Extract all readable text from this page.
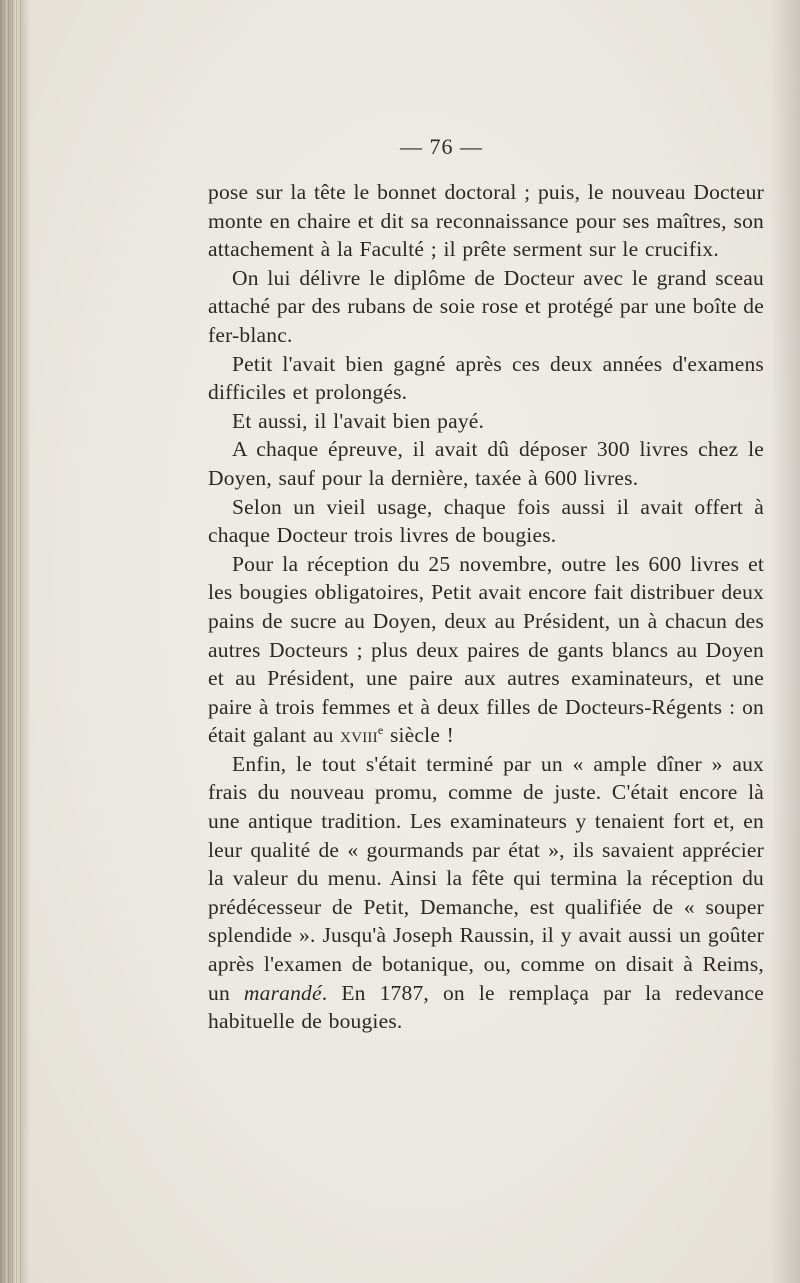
— 76 —

pose sur la tête le bonnet doctoral ; puis, le nouveau Docteur monte en chaire et dit sa reconnaissance pour ses maîtres, son attachement à la Faculté ; il prête serment sur le crucifix.

On lui délivre le diplôme de Docteur avec le grand sceau attaché par des rubans de soie rose et protégé par une boîte de fer-blanc.

Petit l'avait bien gagné après ces deux années d'examens difficiles et prolongés.

Et aussi, il l'avait bien payé.

A chaque épreuve, il avait dû déposer 300 livres chez le Doyen, sauf pour la dernière, taxée à 600 livres.

Selon un vieil usage, chaque fois aussi il avait offert à chaque Docteur trois livres de bougies.

Pour la réception du 25 novembre, outre les 600 livres et les bougies obligatoires, Petit avait encore fait distribuer deux pains de sucre au Doyen, deux au Président, un à chacun des autres Docteurs ; plus deux paires de gants blancs au Doyen et au Président, une paire aux autres examinateurs, et une paire à trois femmes et à deux filles de Docteurs-Régents : on était galant au xviii$^e$ siècle !

Enfin, le tout s'était terminé par un « ample dîner » aux frais du nouveau promu, comme de juste. C'était encore là une antique tradition. Les examinateurs y tenaient fort et, en leur qualité de « gourmands par état », ils savaient apprécier la valeur du menu. Ainsi la fête qui termina la réception du prédécesseur de Petit, Demanche, est qualifiée de « souper splendide ». Jusqu'à Joseph Raussin, il y avait aussi un goûter après l'examen de botanique, ou, comme on disait à Reims, un marandé. En 1787, on le remplaça par la redevance habituelle de bougies.
